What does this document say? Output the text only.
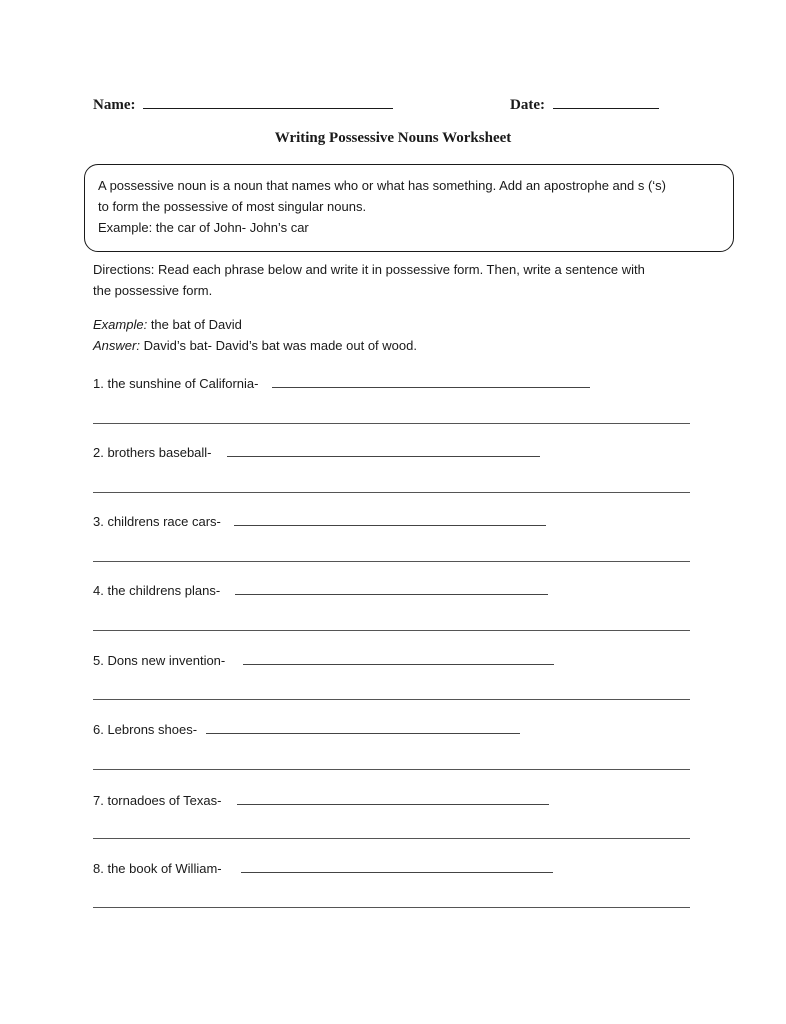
Name:	Date:
Writing Possessive Nouns Worksheet
A possessive noun is a noun that names who or what has something. Add an apostrophe and s (‘s)
to form the possessive of most singular nouns.
Example: the car of John- John’s car
Directions: Read each phrase below and write it in possessive form. Then, write a sentence with
the possessive form.
Example: the bat of David
Answer: David’s bat- David’s bat was made out of wood.
1. the sunshine of California-
2. brothers baseball-
3. childrens race cars-
4. the childrens plans-
5. Dons new invention-
6. Lebrons shoes-
7. tornadoes of Texas-
8. the book of William-
